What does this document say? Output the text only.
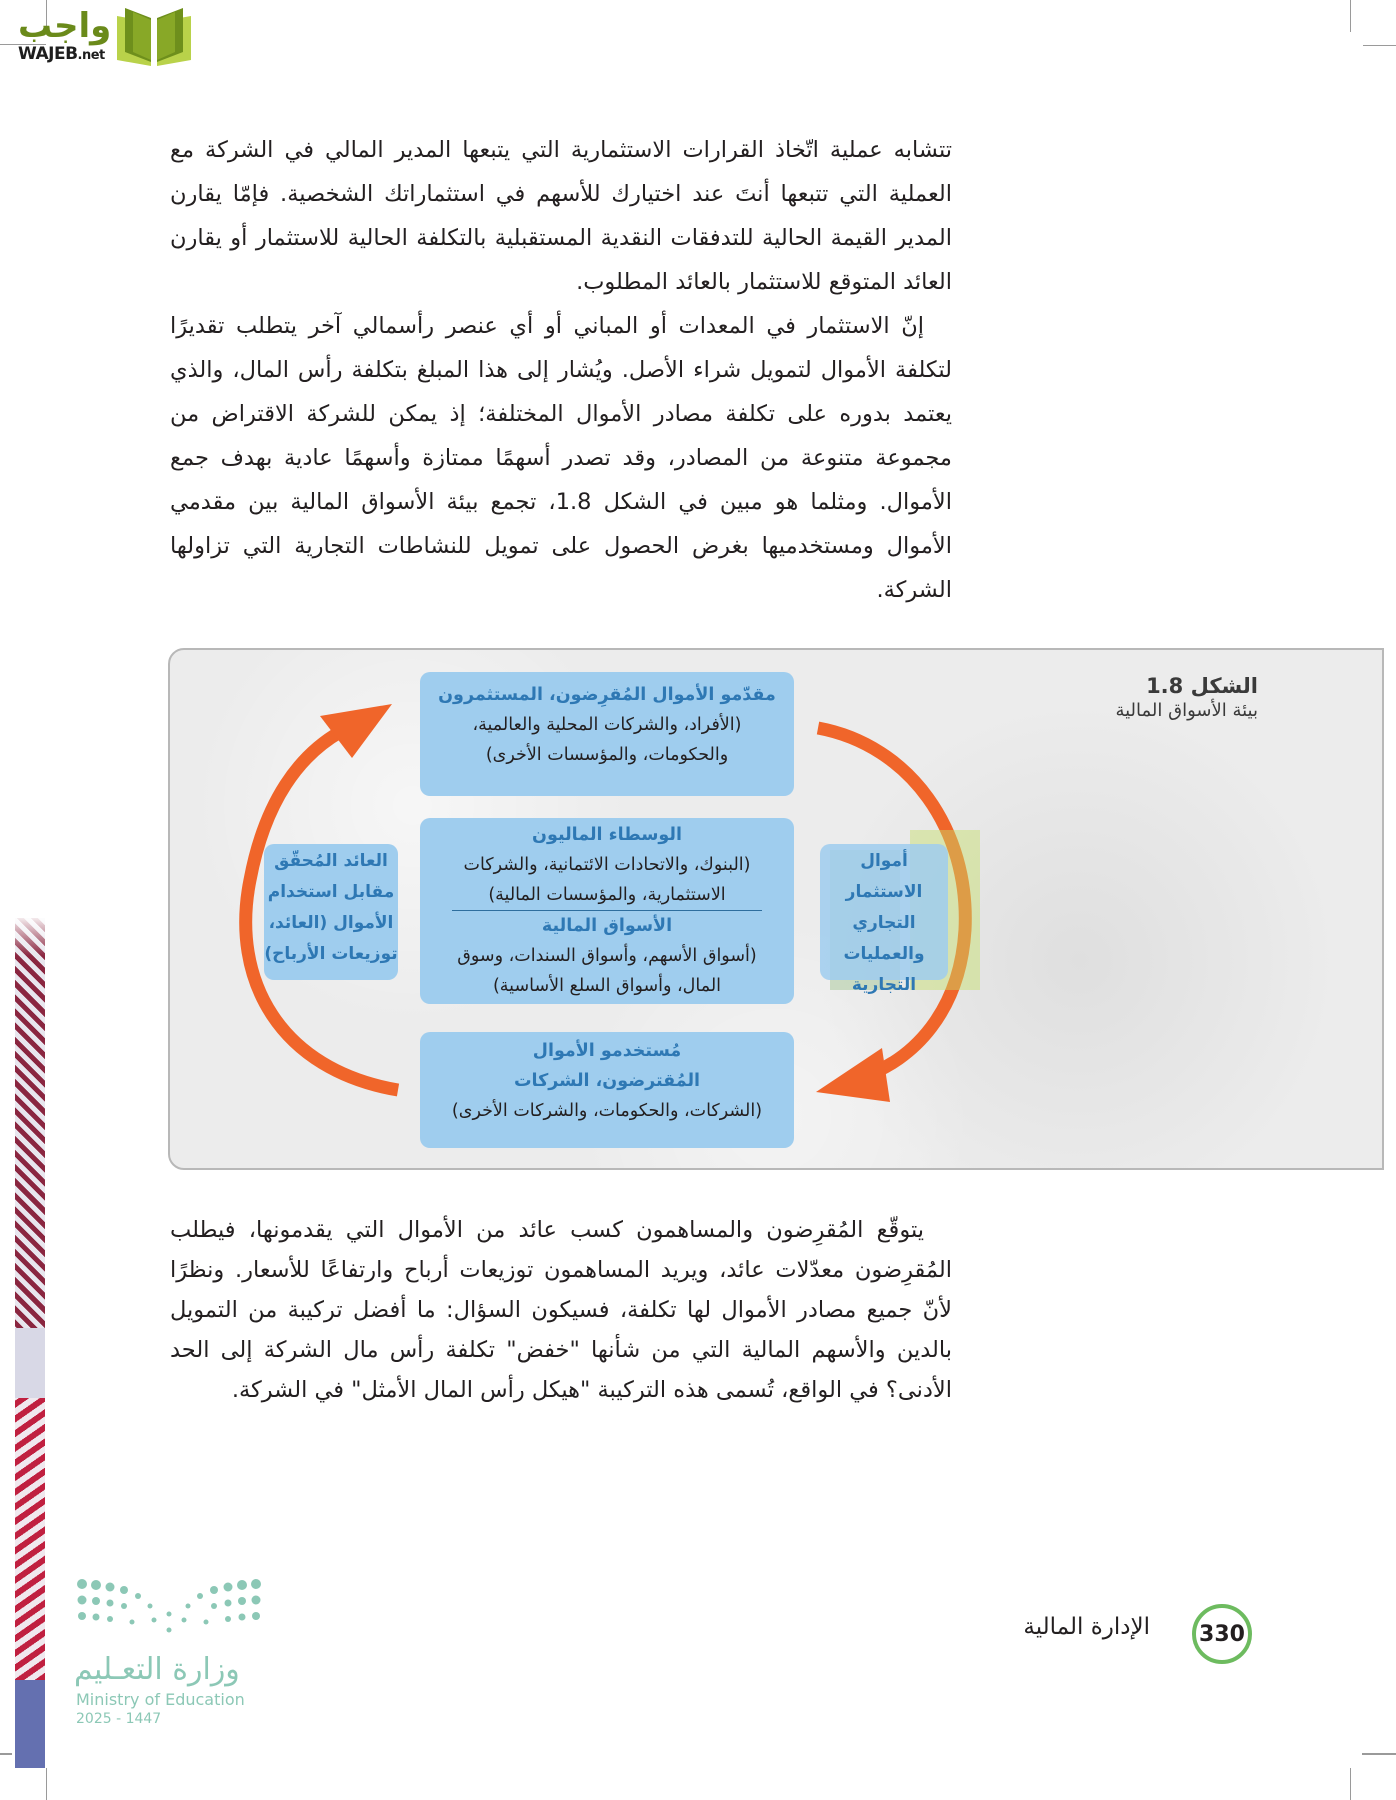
واجب
WAJEB.net

تتشابه عملية اتّخاذ القرارات الاستثمارية التي يتبعها المدير المالي في الشركة مع العملية التي تتبعها أنتَ عند اختيارك للأسهم في استثماراتك الشخصية. فإمّا يقارن المدير القيمة الحالية للتدفقات النقدية المستقبلية بالتكلفة الحالية للاستثمار أو يقارن العائد المتوقع للاستثمار بالعائد المطلوب.

إنّ الاستثمار في المعدات أو المباني أو أي عنصر رأسمالي آخر يتطلب تقديرًا لتكلفة الأموال لتمويل شراء الأصل. ويُشار إلى هذا المبلغ بتكلفة رأس المال، والذي يعتمد بدوره على تكلفة مصادر الأموال المختلفة؛ إذ يمكن للشركة الاقتراض من مجموعة متنوعة من المصادر، وقد تصدر أسهمًا ممتازة وأسهمًا عادية بهدف جمع الأموال. ومثلما هو مبين في الشكل 1.8، تجمع بيئة الأسواق المالية بين مقدمي الأموال ومستخدميها بغرض الحصول على تمويل للنشاطات التجارية التي تزاولها الشركة.

مقدّمو الأموال المُقرِضون، المستثمرون
(الأفراد، والشركات المحلية والعالمية،
والحكومات، والمؤسسات الأخرى)
الوسطاء الماليون
(البنوك، والاتحادات الائتمانية، والشركات
الاستثمارية، والمؤسسات المالية)
الأسواق المالية
(أسواق الأسهم، وأسواق السندات، وسوق
المال، وأسواق السلع الأساسية)
مُستخدمو الأموال
المُقترضون، الشركات
(الشركات، والحكومات، والشركات الأخرى)
العائد المُحقّق
مقابل استخدام
الأموال (العائد،
توزيعات الأرباح)
أموال الاستثمار
التجاري
والعمليات
التجارية
الشكل 1.8
بيئة الأسواق المالية

يتوقّع المُقرِضون والمساهمون كسب عائد من الأموال التي يقدمونها، فيطلب المُقرِضون معدّلات عائد، ويريد المساهمون توزيعات أرباح وارتفاعًا للأسعار. ونظرًا لأنّ جميع مصادر الأموال لها تكلفة، فسيكون السؤال: ما أفضل تركيبة من التمويل بالدين والأسهم المالية التي من شأنها "خفض" تكلفة رأس مال الشركة إلى الحد الأدنى؟ في الواقع، تُسمى هذه التركيبة "هيكل رأس المال الأمثل" في الشركة.

وزارة التعـليم
Ministry of Education
2025 - 1447
330
الإدارة المالية
